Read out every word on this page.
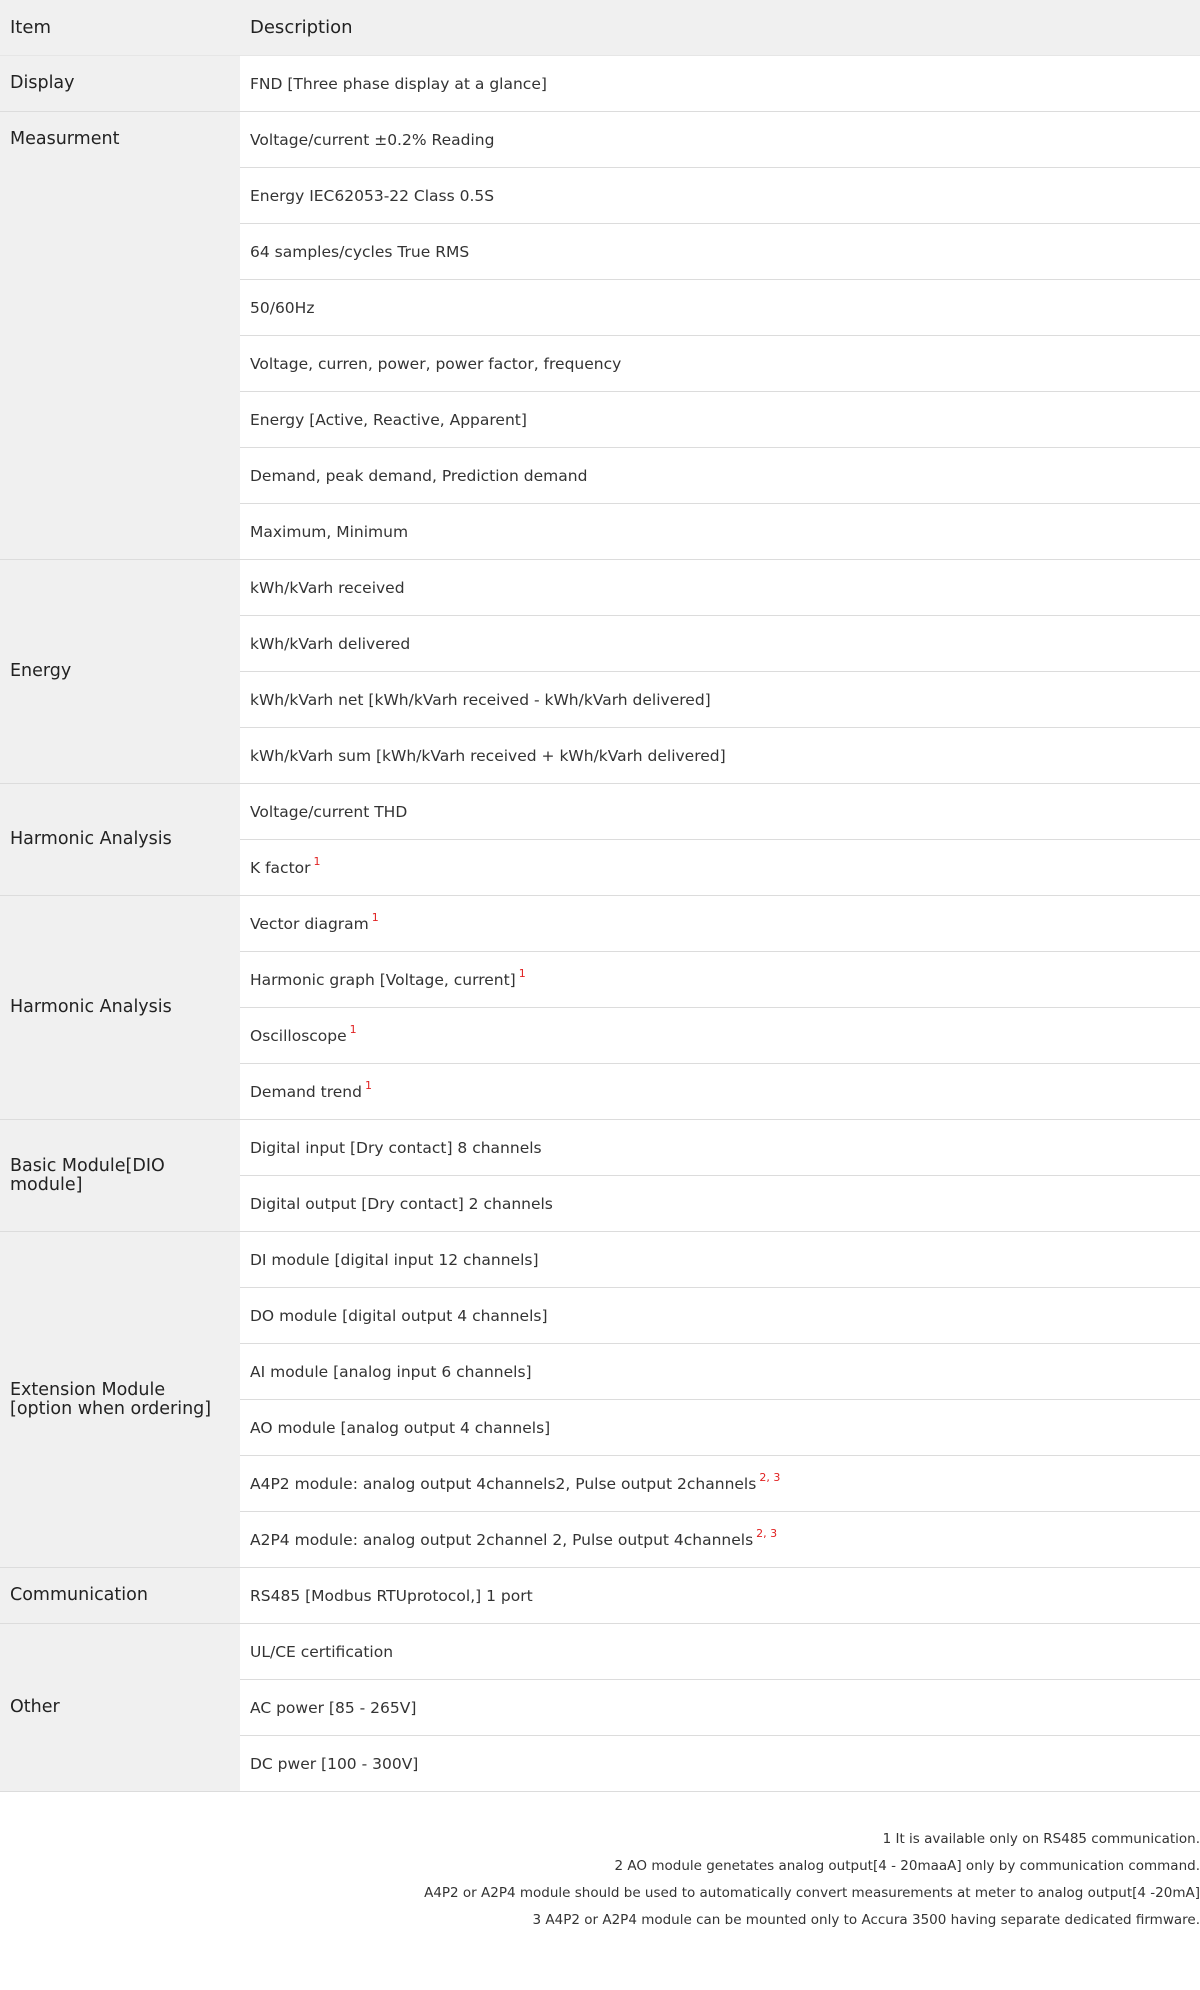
Item	Description
Display	FND [Three phase display at a glance]
Measurment	Voltage/current ±0.2% Reading
	Energy IEC62053-22 Class 0.5S
	64 samples/cycles True RMS
	50/60Hz
	Voltage, curren, power, power factor, frequency
	Energy [Active, Reactive, Apparent]
	Demand, peak demand, Prediction demand
	Maximum, Minimum
Energy	kWh/kVarh received
	kWh/kVarh delivered
	kWh/kVarh net [kWh/kVarh received - kWh/kVarh delivered]
	kWh/kVarh sum [kWh/kVarh received + kWh/kVarh delivered]
Harmonic Analysis	Voltage/current THD
	K factor $^1$
Harmonic Analysis	Vector diagram $^1$
	Harmonic graph [Voltage, current] $^1$
	Oscilloscope $^1$
	Demand trend $^1$
Basic Module[DIO module]	Digital input [Dry contact] 8 channels
	Digital output [Dry contact] 2 channels
Extension Module [option when ordering]	DI module [digital input 12 channels]
	DO module [digital output 4 channels]
	AI module [analog input 6 channels]
	AO module [analog output 4 channels]
	A4P2 module: analog output 4channels2, Pulse output 2channels $^{2, 3}$
	A2P4 module: analog output 2channel 2, Pulse output 4channels $^{2, 3}$
Communication	RS485 [Modbus RTUprotocol,] 1 port
Other	UL/CE certification
	AC power [85 - 265V]
	DC pwer [100 - 300V]
1 It is available only on RS485 communication.
2 AO module genetates analog output[4 - 20maaA] only by communication command.
A4P2 or A2P4 module should be used to automatically convert measurements at meter to analog output[4 -20mA]
3 A4P2 or A2P4 module can be mounted only to Accura 3500 having separate dedicated firmware.
